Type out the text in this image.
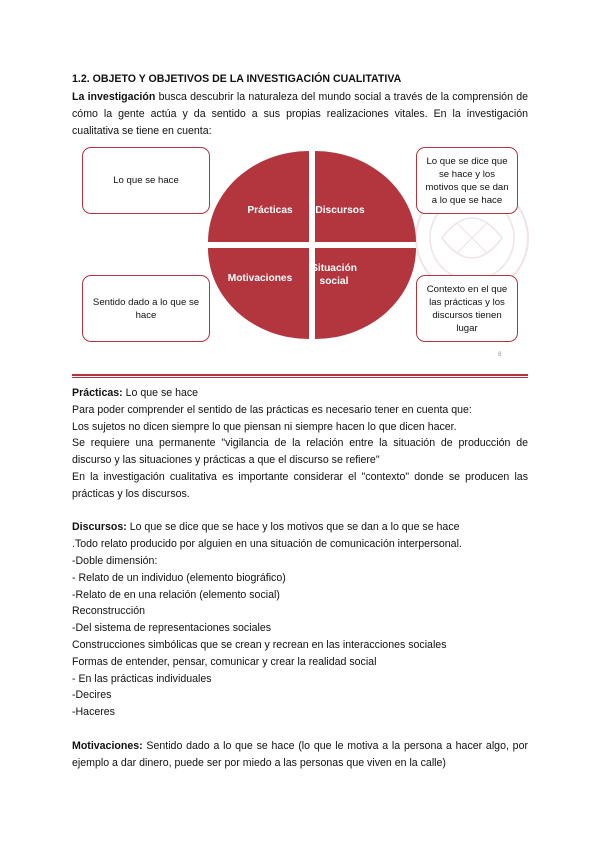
1.2. OBJETO Y OBJETIVOS DE LA INVESTIGACIÓN CUALITATIVA

La investigación busca descubrir la naturaleza del mundo social a través de la comprensión de cómo la gente actúa y da sentido a sus propias realizaciones vitales. En la investigación cualitativa se tiene en cuenta:

Lo que se hace
Sentido dado a lo que se hace
Lo que se dice que se hace y los motivos que se dan a lo que se hace
Contexto en el que las prácticas y los discursos tienen lugar
Prácticas	Discursos
Motivaciones
Situación social
8

Prácticas: Lo que se hace

Para poder comprender el sentido de las prácticas es necesario tener en cuenta que:

Los sujetos no dicen siempre lo que piensan ni siempre hacen lo que dicen hacer.

Se requiere una permanente "vigilancia de la relación entre la situación de producción de discurso y las situaciones y prácticas a que el discurso se refiere"

En la investigación cualitativa es importante considerar el "contexto" donde se producen las prácticas y los discursos.

Discursos: Lo que se dice que se hace y los motivos que se dan a lo que se hace

.Todo relato producido por alguien en una situación de comunicación interpersonal.

-Doble dimensión:

- Relato de un individuo (elemento biográfico)

-Relato de en una relación (elemento social)

Reconstrucción

-Del sistema de representaciones sociales

Construcciones simbólicas que se crean y recrean en las interacciones sociales

Formas de entender, pensar, comunicar y crear la realidad social

- En las prácticas individuales

-Decires

-Haceres

Motivaciones: Sentido dado a lo que se hace (lo que le motiva a la persona a hacer algo, por ejemplo a dar dinero, puede ser por miedo a las personas que viven en la calle)
